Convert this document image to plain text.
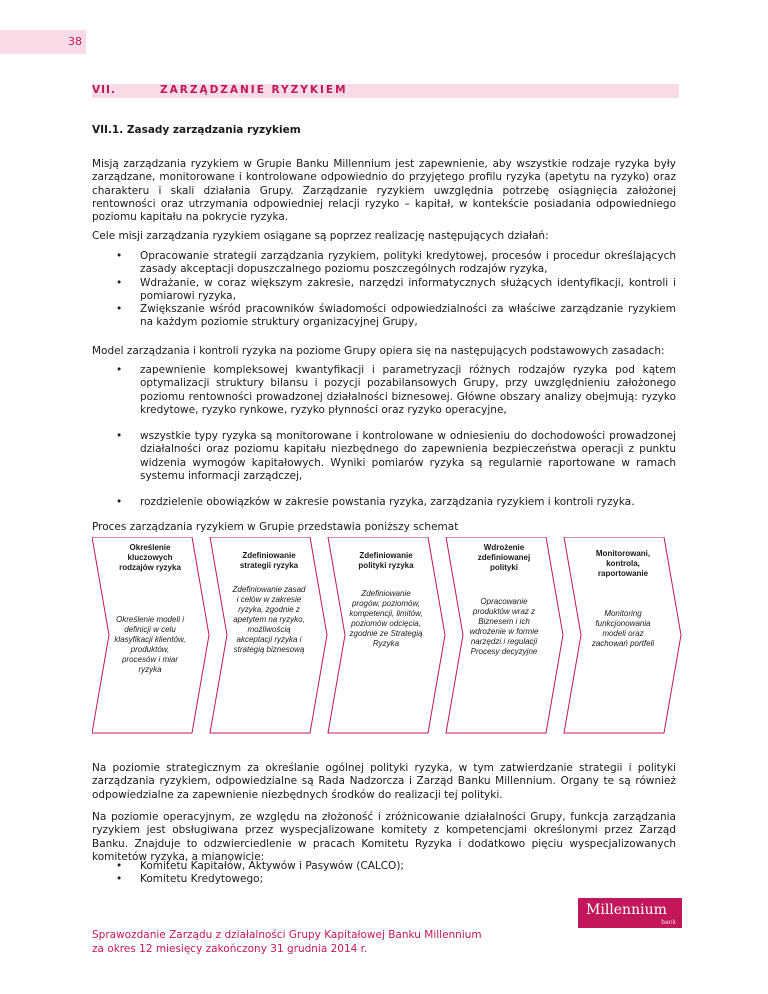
38
VII.	ZARZĄDZANIE RYZYKIEM
VII.1. Zasady zarządzania ryzykiem

Misją zarządzania ryzykiem w Grupie Banku Millennium jest zapewnienie, aby wszystkie rodzaje ryzyka były zarządzane, monitorowane i kontrolowane odpowiednio do przyjętego profilu ryzyka (apetytu na ryzyko) oraz charakteru i skali działania Grupy. Zarządzanie ryzykiem uwzględnia potrzebę osiągnięcia założonej rentowności oraz utrzymania odpowiedniej relacji ryzyko – kapitał, w kontekście posiadania odpowiedniego poziomu kapitału na pokrycie ryzyka.

Cele misji zarządzania ryzykiem osiągane są poprzez realizację następujących działań:

• Opracowanie strategii zarządzania ryzykiem, polityki kredytowej, procesów i procedur określających zasady akceptacji dopuszczalnego poziomu poszczególnych rodzajów ryzyka,
• Wdrażanie, w coraz większym zakresie, narzędzi informatycznych służących identyfikacji, kontroli i pomiarowi ryzyka,
• Zwiększanie wśród pracowników świadomości odpowiedzialności za właściwe zarządzanie ryzykiem na każdym poziomie struktury organizacyjnej Grupy,

Model zarządzania i kontroli ryzyka na poziome Grupy opiera się na następujących podstawowych zasadach:

• zapewnienie kompleksowej kwantyfikacji i parametryzacji różnych rodzajów ryzyka pod kątem optymalizacji struktury bilansu i pozycji pozabilansowych Grupy, przy uwzględnieniu założonego poziomu rentowności prowadzonej działalności biznesowej. Główne obszary analizy obejmują: ryzyko kredytowe, ryzyko rynkowe, ryzyko płynności oraz ryzyko operacyjne,
• wszystkie typy ryzyka są monitorowane i kontrolowane w odniesieniu do dochodowości prowadzonej działalności oraz poziomu kapitału niezbędnego do zapewnienia bezpieczeństwa operacji z punktu widzenia wymogów kapitałowych. Wyniki pomiarów ryzyka są regularnie raportowane w ramach systemu informacji zarządczej,
• rozdzielenie obowiązków w zakresie powstania ryzyka, zarządzania ryzykiem i kontroli ryzyka.
Proces zarządzania ryzykiem w Grupie przedstawia poniższy schemat
Określenie kluczowych rodzajów ryzyka
Określenie modeli i definicji w celu klasyfikacji klientów, produktów, procesów i miar ryzyka
Zdefiniowanie strategii ryzyka
Zdefiniowanie zasad i celów w zakresie ryzyka, zgodnie z apetytem na ryzyko, możliwością akceptacji ryzyka i strategią biznesową
Zdefiniowanie polityki ryzyka
Zdefiniowanie progów, poziomów, kompetencji, limitów, poziomów odcięcia, zgodnie ze Strategią Ryzyka
Wdrożenie zdefiniowanej polityki
Opracowanie produktów wraz z Biznesem i ich wdrożenie w formie narzędzi i regulacji Procesy decyzyjne
Monitorowani, kontrola, raportowanie
Monitoring funkcjonowania modeli oraz zachowań portfeli

Na poziomie strategicznym za określanie ogólnej polityki ryzyka, w tym zatwierdzanie strategii i polityki zarządzania ryzykiem, odpowiedzialne są Rada Nadzorcza i Zarząd Banku Millennium. Organy te są również odpowiedzialne za zapewnienie niezbędnych środków do realizacji tej polityki.

Na poziomie operacyjnym, ze względu na złożoność i zróżnicowanie działalności Grupy, funkcja zarządzania ryzykiem jest obsługiwana przez wyspecjalizowane komitety z kompetencjami określonymi przez Zarząd Banku. Znajduje to odzwierciedlenie w pracach Komitetu Ryzyka i dodatkowo pięciu wyspecjalizowanych komitetów ryzyka, a mianowicie:

• Komitetu Kapitałów, Aktywów i Pasywów (CALCO);
• Komitetu Kredytowego;
Millennium
bank
Sprawozdanie Zarządu z działalności Grupy Kapitałowej Banku Millennium
za okres 12 miesięcy zakończony 31 grudnia 2014 r.
